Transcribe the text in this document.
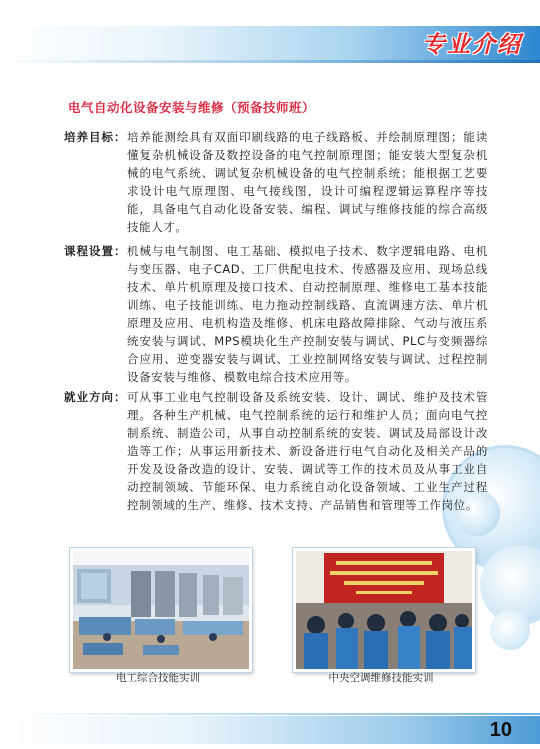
专业介绍
电气自动化设备安装与维修（预备技师班）
培养目标： 培养能测绘具有双面印刷线路的电子线路板、并绘制原理图；能读懂复杂机械设备及数控设备的电气控制原理图；能安装大型复杂机械的电气系统、调试复杂机械设备的电气控制系统；能根据工艺要求设计电气原理图、电气接线图，设计可编程逻辑运算程序等技能，具备电气自动化设备安装、编程、调试与维修技能的综合高级技能人才。
课程设置： 机械与电气制图、电工基础、模拟电子技术、数字逻辑电路、电机与变压器、电子CAD、工厂供配电技术、传感器及应用、现场总线技术、单片机原理及接口技术、自动控制原理、维修电工基本技能训练、电子技能训练、电力拖动控制线路、直流调速方法、单片机原理及应用、电机构造及维修、机床电路故障排除、气动与液压系统安装与调试、MPS模块化生产控制安装与调试、PLC与变频器综合应用、逆变器安装与调试、工业控制网络安装与调试、过程控制设备安装与维修、模数电综合技术应用等。
就业方向： 可从事工业电气控制设备及系统安装、设计、调试、维护及技术管理。各种生产机械、电气控制系统的运行和维护人员；面向电气控制系统、制造公司，从事自动控制系统的安装、调试及局部设计改造等工作；从事运用新技术、新设备进行电气自动化及相关产品的开发及设备改造的设计、安装、调试等工作的技术员及从事工业自动控制领域、节能环保、电力系统自动化设备领域、工业生产过程控制领域的生产、维修、技术支持、产品销售和管理等工作岗位。
电工综合技能实训	中央空调维修技能实训
10
